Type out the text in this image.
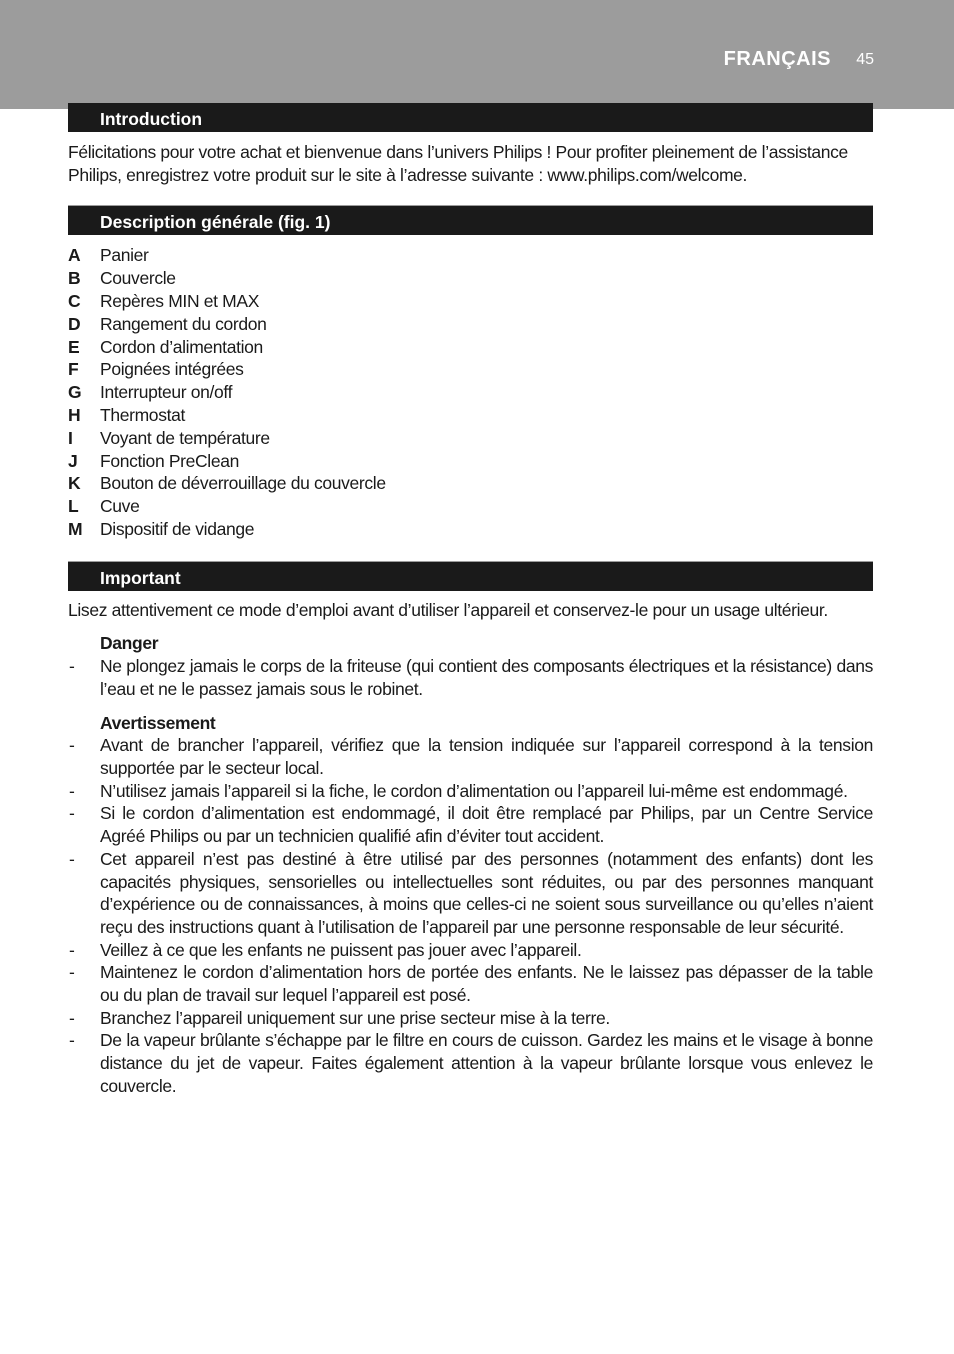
FRANÇAIS 45
Introduction

Félicitations pour votre achat et bienvenue dans l’univers Philips ! Pour profiter pleinement de l’assistance Philips, enregistrez votre produit sur le site à l’adresse suivante : www.philips.com/welcome.

Description générale (fig. 1)
A	Panier
B	Couvercle
C	Repères MIN et MAX
D	Rangement du cordon
E	Cordon d’alimentation
F	Poignées intégrées
G	Interrupteur on/off
H	Thermostat
I	Voyant de température
J	Fonction PreClean
K	Bouton de déverrouillage du couvercle
L	Cuve
M	Dispositif de vidange
Important

Lisez attentivement ce mode d’emploi avant d’utiliser l’appareil et conservez-le pour un usage ultérieur.

Danger
-	Ne plongez jamais le corps de la friteuse (qui contient des composants électriques et la résistance) dans l’eau et ne le passez jamais sous le robinet.
Avertissement
-	Avant de brancher l’appareil, vérifiez que la tension indiquée sur l’appareil correspond à la tension supportée par le secteur local.
-	N’utilisez jamais l’appareil si la fiche, le cordon d’alimentation ou l’appareil lui-même est endommagé.
-	Si le cordon d’alimentation est endommagé, il doit être remplacé par Philips, par un Centre Service Agréé Philips ou par un technicien qualifié afin d’éviter tout accident.
-	Cet appareil n’est pas destiné à être utilisé par des personnes (notamment des enfants) dont les capacités physiques, sensorielles ou intellectuelles sont réduites, ou par des personnes manquant d’expérience ou de connaissances, à moins que celles-ci ne soient sous surveillance ou qu’elles n’aient reçu des instructions quant à l’utilisation de l’appareil par une personne responsable de leur sécurité.
-	Veillez à ce que les enfants ne puissent pas jouer avec l’appareil.
-	Maintenez le cordon d’alimentation hors de portée des enfants. Ne le laissez pas dépasser de la table ou du plan de travail sur lequel l’appareil est posé.
-	Branchez l’appareil uniquement sur une prise secteur mise à la terre.
-	De la vapeur brûlante s’échappe par le filtre en cours de cuisson. Gardez les mains et le visage à bonne distance du jet de vapeur. Faites également attention à la vapeur brûlante lorsque vous enlevez le couvercle.
